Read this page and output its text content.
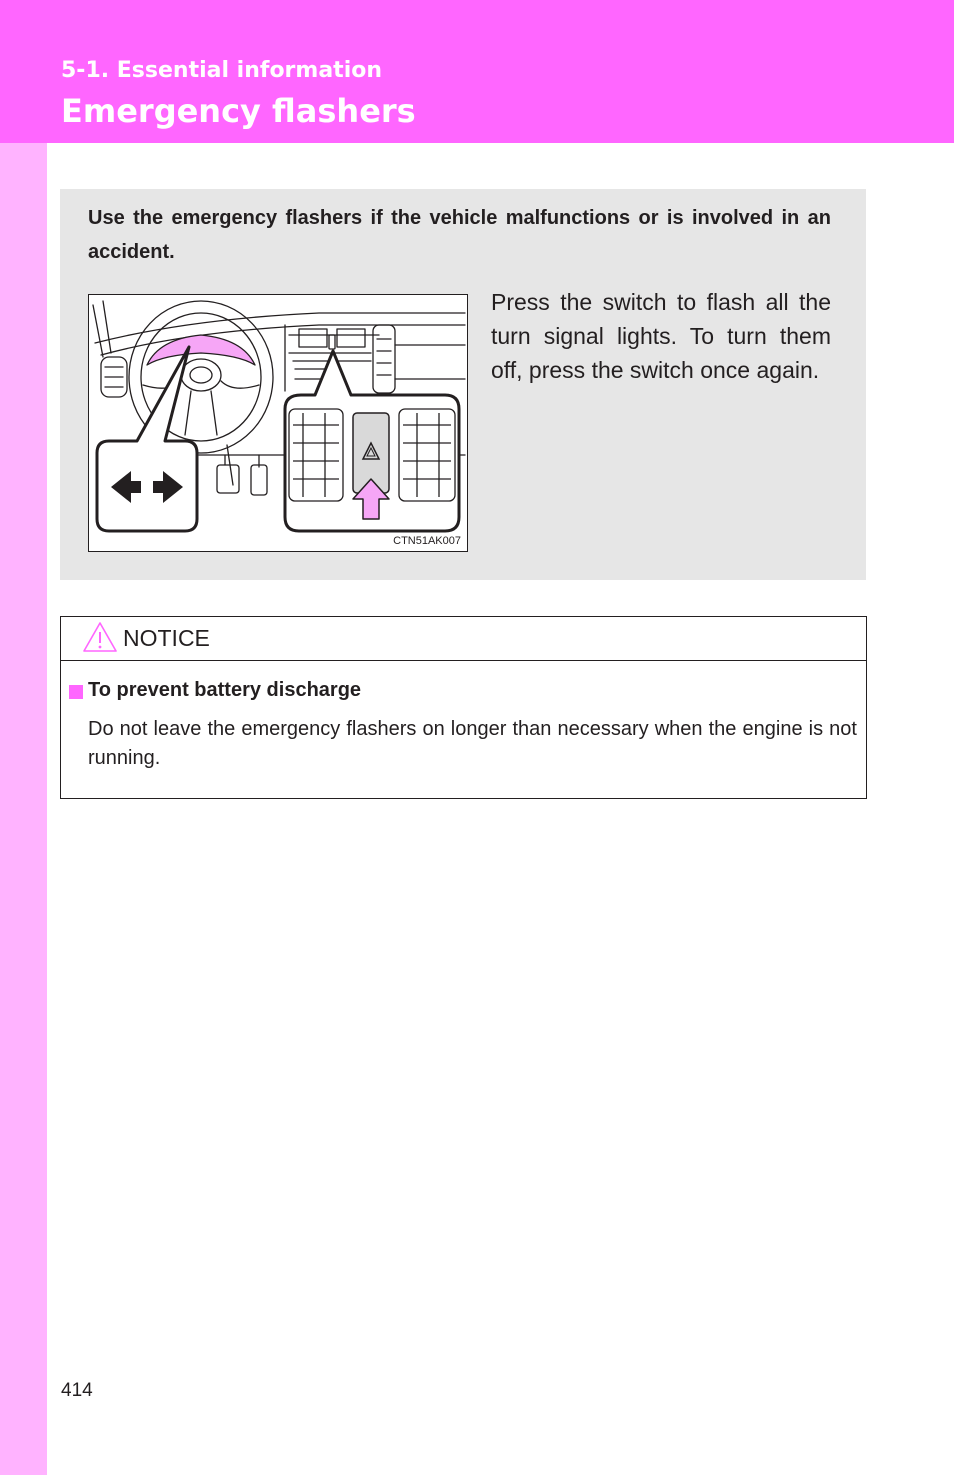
5-1. Essential information
Emergency flashers
Use the emergency flashers if the vehicle malfunctions or is involved in an accident.
CTN51AK007
Press the switch to flash all the turn signal lights. To turn them off, press the switch once again.
NOTICE
To prevent battery discharge
Do not leave the emergency flashers on longer than necessary when the engine is not running.
414
